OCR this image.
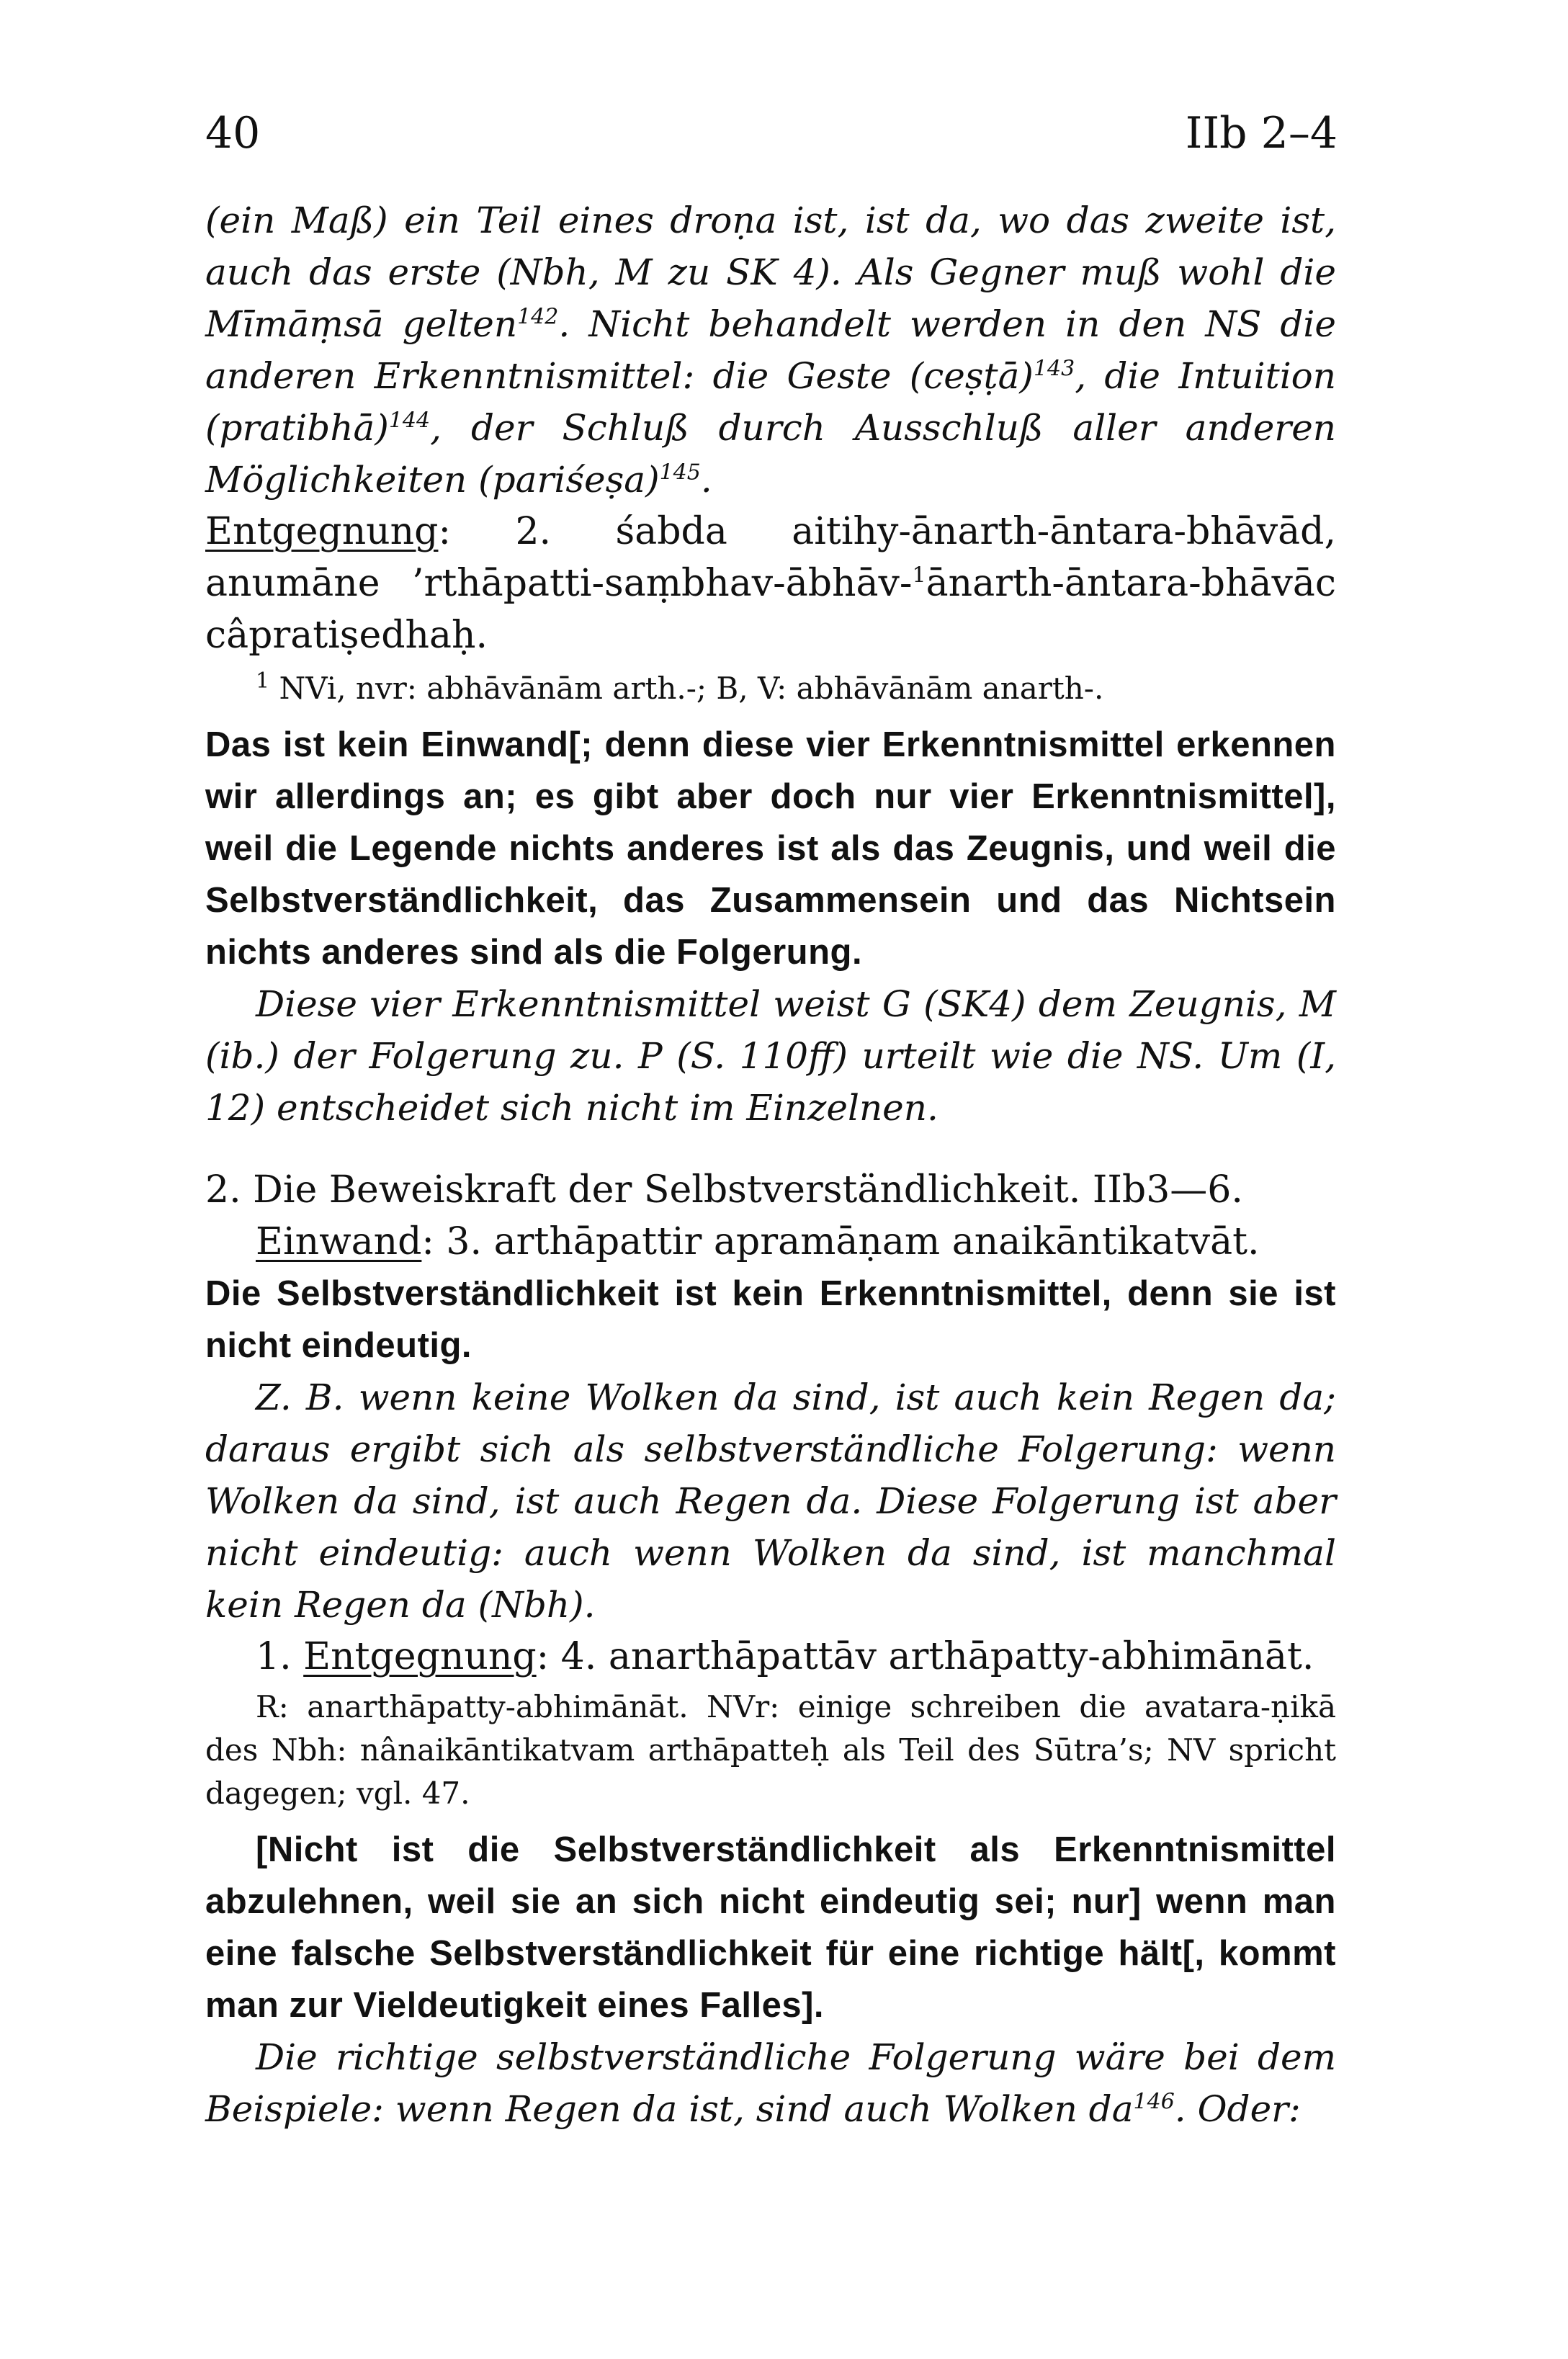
40	IIb 2–4

(ein Maß) ein Teil eines droṇa ist, ist da, wo das zweite ist, auch das erste (Nbh, M zu SK 4). Als Gegner muß wohl die Mīmāṃsā gelten$^{142}$. Nicht behandelt werden in den NS die anderen Erkenntnismittel: die Geste (ceṣṭā)$^{143}$, die Intuition (pratibhā)$^{144}$, der Schluß durch Ausschluß aller anderen Möglichkeiten (pariśeṣa)$^{145}$.

Entgegnung: 2. śabda aitihy-ānarth-āntara-bhāvād, anumāne ’rthāpatti-saṃbhav-ābhāv-$^1$ānarth-āntara-bhāvāc câpratiṣedhaḥ.

$^1$ NVi, nvr: abhāvānām arth.-; B, V: abhāvānām anarth-.

Das ist kein Einwand[; denn diese vier Erkenntnismittel erkennen wir allerdings an; es gibt aber doch nur vier Erkenntnismittel], weil die Legende nichts anderes ist als das Zeugnis, und weil die Selbstverständlichkeit, das Zusammensein und das Nichtsein nichts anderes sind als die Folgerung.

Diese vier Erkenntnismittel weist G (SK4) dem Zeugnis, M (ib.) der Folgerung zu. P (S. 110ff) urteilt wie die NS. Um (I, 12) entscheidet sich nicht im Einzelnen.

2. Die Beweiskraft der Selbstverständlichkeit. IIb3—6.

Einwand: 3. arthāpattir apramāṇam anaikāntikatvāt.

Die Selbstverständlichkeit ist kein Erkenntnismittel, denn sie ist nicht eindeutig.

Z. B. wenn keine Wolken da sind, ist auch kein Regen da; daraus ergibt sich als selbstverständliche Folgerung: wenn Wolken da sind, ist auch Regen da. Diese Folgerung ist aber nicht eindeutig: auch wenn Wolken da sind, ist manchmal kein Regen da (Nbh).

1. Entgegnung: 4. anarthāpattāv arthāpatty-abhimānāt.

R: anarthāpatty-abhimānāt. NVr: einige schreiben die avatara-ṇikā des Nbh: nânaikāntikatvam arthāpatteḥ als Teil des Sūtra’s; NV spricht dagegen; vgl. 47.

[Nicht ist die Selbstverständlichkeit als Erkenntnismittel abzulehnen, weil sie an sich nicht eindeutig sei; nur] wenn man eine falsche Selbstverständlichkeit für eine richtige hält[, kommt man zur Vieldeutigkeit eines Falles].

Die richtige selbstverständliche Folgerung wäre bei dem Beispiele: wenn Regen da ist, sind auch Wolken $da^{146}$. Oder:
